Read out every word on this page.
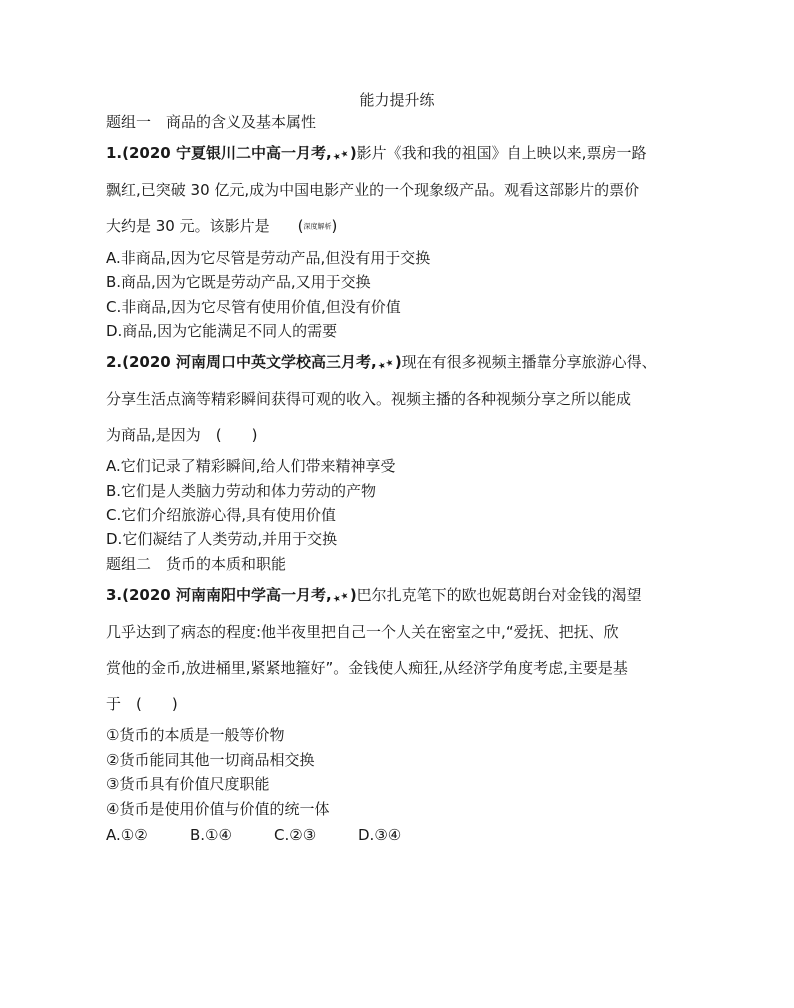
能力提升练
题组一　商品的含义及基本属性
1.(2020 宁夏银川二中高一月考,★★)影片《我和我的祖国》自上映以来,票房一路
飘红,已突破 30 亿元,成为中国电影产业的一个现象级产品。观看这部影片的票价
大约是 30 元。该影片是 (深度解析)
A.非商品,因为它尽管是劳动产品,但没有用于交换
B.商品,因为它既是劳动产品,又用于交换
C.非商品,因为它尽管有使用价值,但没有价值
D.商品,因为它能满足不同人的需要
2.(2020 河南周口中英文学校高三月考,★★)现在有很多视频主播靠分享旅游心得、
分享生活点滴等精彩瞬间获得可观的收入。视频主播的各种视频分享之所以能成
为商品,是因为　(　　)
A.它们记录了精彩瞬间,给人们带来精神享受
B.它们是人类脑力劳动和体力劳动的产物
C.它们介绍旅游心得,具有使用价值
D.它们凝结了人类劳动,并用于交换
题组二　货币的本质和职能
3.(2020 河南南阳中学高一月考,★★)巴尔扎克笔下的欧也妮葛朗台对金钱的渴望
几乎达到了病态的程度:他半夜里把自己一个人关在密室之中,“爱抚、把抚、欣
赏他的金币,放进桶里,紧紧地箍好”。金钱使人痴狂,从经济学角度考虑,主要是基
于　(　　)
①货币的本质是一般等价物
②货币能同其他一切商品相交换
③货币具有价值尺度职能
④货币是使用价值与价值的统一体
A.①②	B.①④	C.②③	D.③④
